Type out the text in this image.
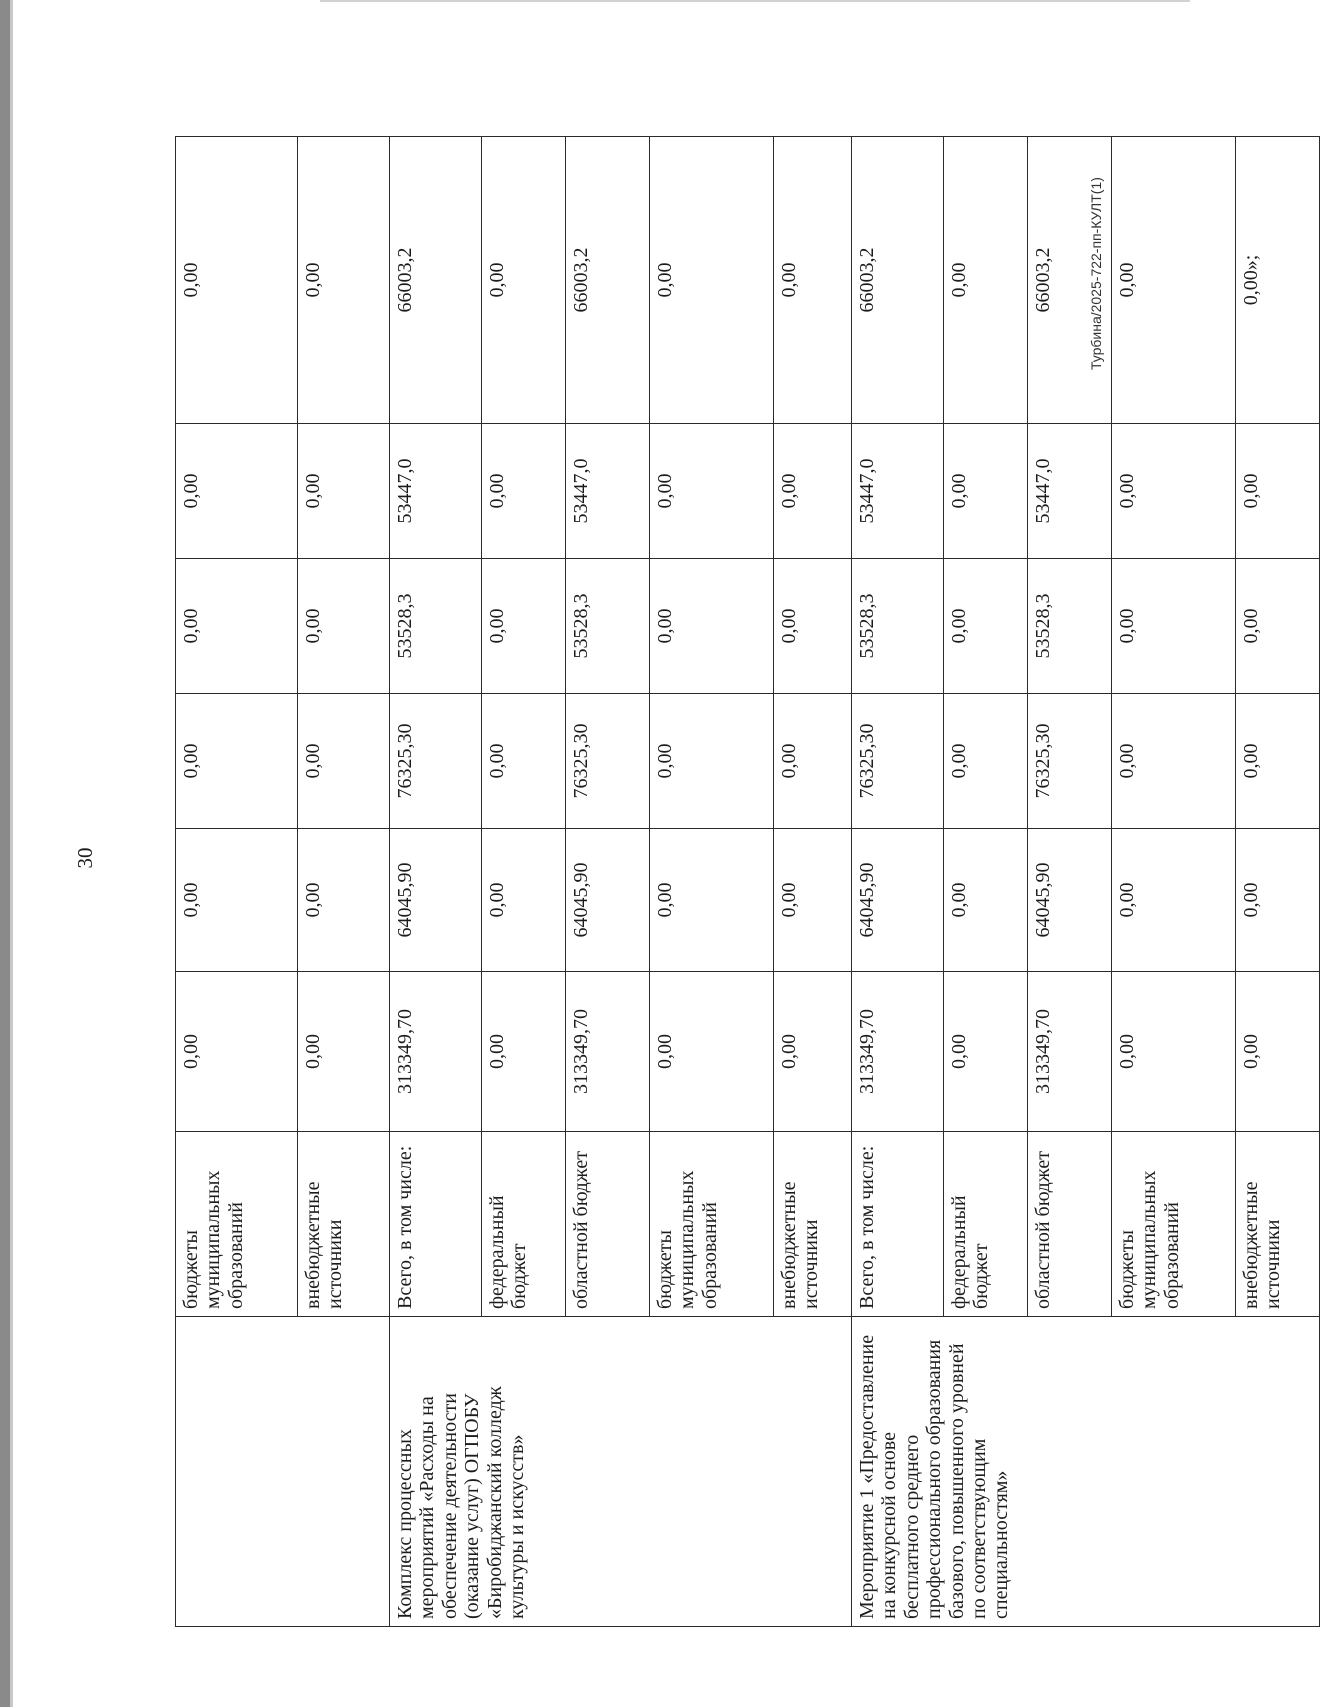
30
Турбина/2025-722-пп-КУЛТ(1)
	бюджеты муниципальных образований	0,00	0,00	0,00	0,00	0,00	0,00
	внебюджетные источники	0,00	0,00	0,00	0,00	0,00	0,00
Комплекс процессных мероприятий «Расходы на обеспечение деятельности (оказание услуг) ОГПОБУ «Биробиджанский колледж культуры и искусств»	Всего, в том числе:	313349,70	64045,90	76325,30	53528,3	53447,0	66003,2
	федеральный бюджет	0,00	0,00	0,00	0,00	0,00	0,00
	областной бюджет	313349,70	64045,90	76325,30	53528,3	53447,0	66003,2
	бюджеты муниципальных образований	0,00	0,00	0,00	0,00	0,00	0,00
	внебюджетные источники	0,00	0,00	0,00	0,00	0,00	0,00
Мероприятие 1 «Предоставление на конкурсной основе бесплатного среднего профессионального образования базового, повышенного уровней по соответствующим специальностям»	Всего, в том числе:	313349,70	64045,90	76325,30	53528,3	53447,0	66003,2
	федеральный бюджет	0,00	0,00	0,00	0,00	0,00	0,00
	областной бюджет	313349,70	64045,90	76325,30	53528,3	53447,0	66003,2
	бюджеты муниципальных образований	0,00	0,00	0,00	0,00	0,00	0,00
	внебюджетные источники	0,00	0,00	0,00	0,00	0,00	0,00»;
